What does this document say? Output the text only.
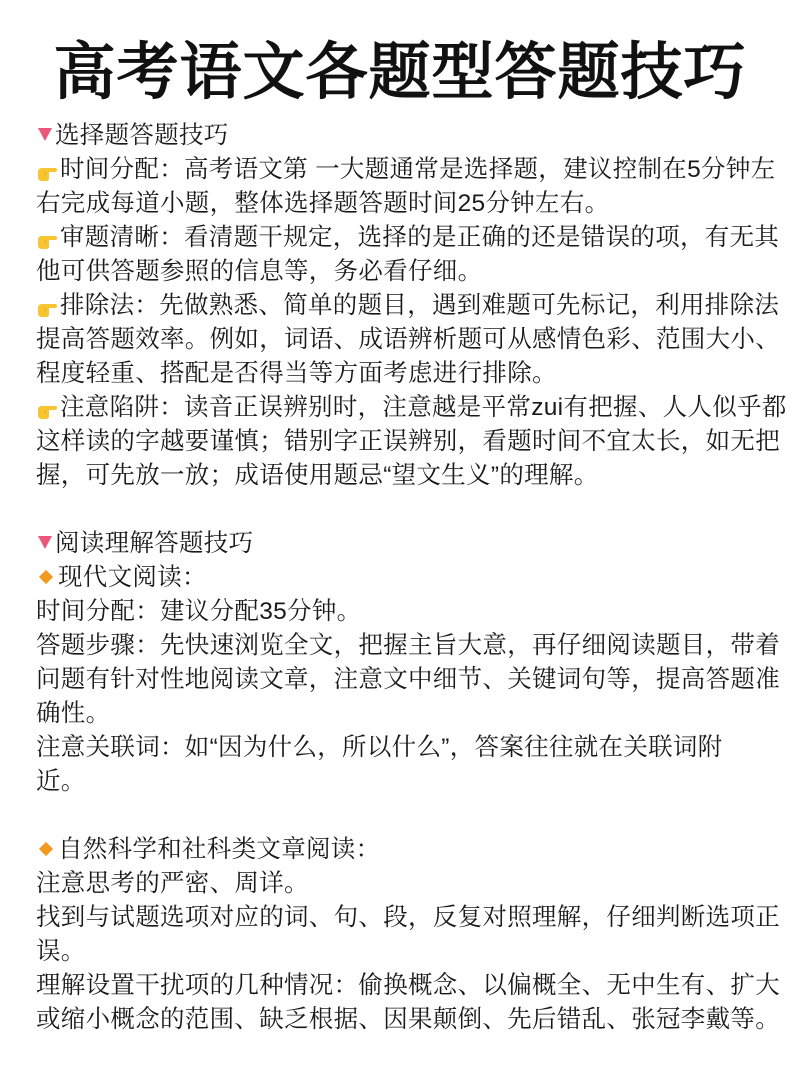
高考语文各题型答题技巧
选择题答题技巧
时间分配：高考语文第 一大题通常是选择题，建议控制在5分钟左
右完成每道小题，整体选择题答题时间25分钟左右。
审题清晰：看清题干规定，选择的是正确的还是错误的项，有无其
他可供答题参照的信息等，务必看仔细。
排除法：先做熟悉、简单的题目，遇到难题可先标记，利用排除法
提高答题效率。例如，词语、成语辨析题可从感情色彩、范围大小、
程度轻重、搭配是否得当等方面考虑进行排除。
注意陷阱：读音正误辨别时，注意越是平常zui有把握、人人似乎都
这样读的字越要谨慎；错别字正误辨别，看题时间不宜太长，如无把
握，可先放一放；成语使用题忌“望文生义”的理解。
阅读理解答题技巧
现代文阅读：
时间分配：建议分配35分钟。
答题步骤：先快速浏览全文，把握主旨大意，再仔细阅读题目，带着
问题有针对性地阅读文章，注意文中细节、关键词句等，提高答题准
确性。
注意关联词：如“因为什么，所以什么”，答案往往就在关联词附
近。
自然科学和社科类文章阅读：
注意思考的严密、周详。
找到与试题选项对应的词、句、段，反复对照理解，仔细判断选项正
误。
理解设置干扰项的几种情况：偷换概念、以偏概全、无中生有、扩大
或缩小概念的范围、缺乏根据、因果颠倒、先后错乱、张冠李戴等。
